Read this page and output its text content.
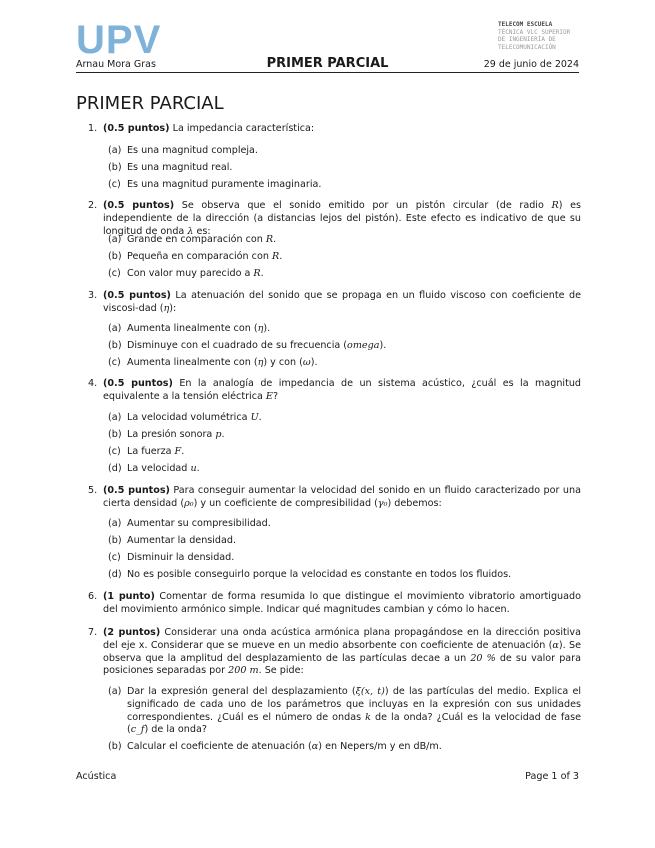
UPV	TELECOM ESCUELA
TÉCNICA VLC SUPERIOR
DE INGENIERÍA DE
TELECOMUNICACIÓN
Arnau Mora Gras	PRIMER PARCIAL	29 de junio de 2024
PRIMER PARCIAL
1. (0.5 puntos) La impedancia característica:
(a) Es una magnitud compleja.
(b) Es una magnitud real.
(c) Es una magnitud puramente imaginaria.
2. (0.5 puntos) Se observa que el sonido emitido por un pistón circular (de radio R) es independiente de la dirección (a distancias lejos del pistón). Este efecto es indicativo de que su longitud de onda λ es:
(a) Grande en comparación con R.
(b) Pequeña en comparación con R.
(c) Con valor muy parecido a R.
3. (0.5 puntos) La atenuación del sonido que se propaga en un fluido viscoso con coeficiente de viscosi-dad (η):
(a) Aumenta linealmente con (η).
(b) Disminuye con el cuadrado de su frecuencia (omega).
(c) Aumenta linealmente con (η) y con (ω).
4. (0.5 puntos) En la analogía de impedancia de un sistema acústico, ¿cuál es la magnitud equivalente a la tensión eléctrica E?
(a) La velocidad volumétrica U.
(b) La presión sonora p.
(c) La fuerza F.
(d) La velocidad u.
5. (0.5 puntos) Para conseguir aumentar la velocidad del sonido en un fluido caracterizado por una cierta densidad (ρ₀) y un coeficiente de compresibilidad (γ₀) debemos:
(a) Aumentar su compresibilidad.
(b) Aumentar la densidad.
(c) Disminuir la densidad.
(d) No es posible conseguirlo porque la velocidad es constante en todos los fluidos.
6. (1 punto) Comentar de forma resumida lo que distingue el movimiento vibratorio amortiguado del movimiento armónico simple. Indicar qué magnitudes cambian y cómo lo hacen.
7. (2 puntos) Considerar una onda acústica armónica plana propagándose en la dirección positiva del eje x. Considerar que se mueve en un medio absorbente con coeficiente de atenuación (α). Se observa que la amplitud del desplazamiento de las partículas decae a un 20 % de su valor para posiciones separadas por 200 m. Se pide:
(a) Dar la expresión general del desplazamiento (ξ(x, t)) de las partículas del medio. Explica el significado de cada uno de los parámetros que incluyas en la expresión con sus unidades correspondientes. ¿Cuál es el número de ondas k de la onda? ¿Cuál es la velocidad de fase (c_f) de la onda?
(b) Calcular el coeficiente de atenuación (α) en Nepers/m y en dB/m.
Acústica	Page 1 of 3
